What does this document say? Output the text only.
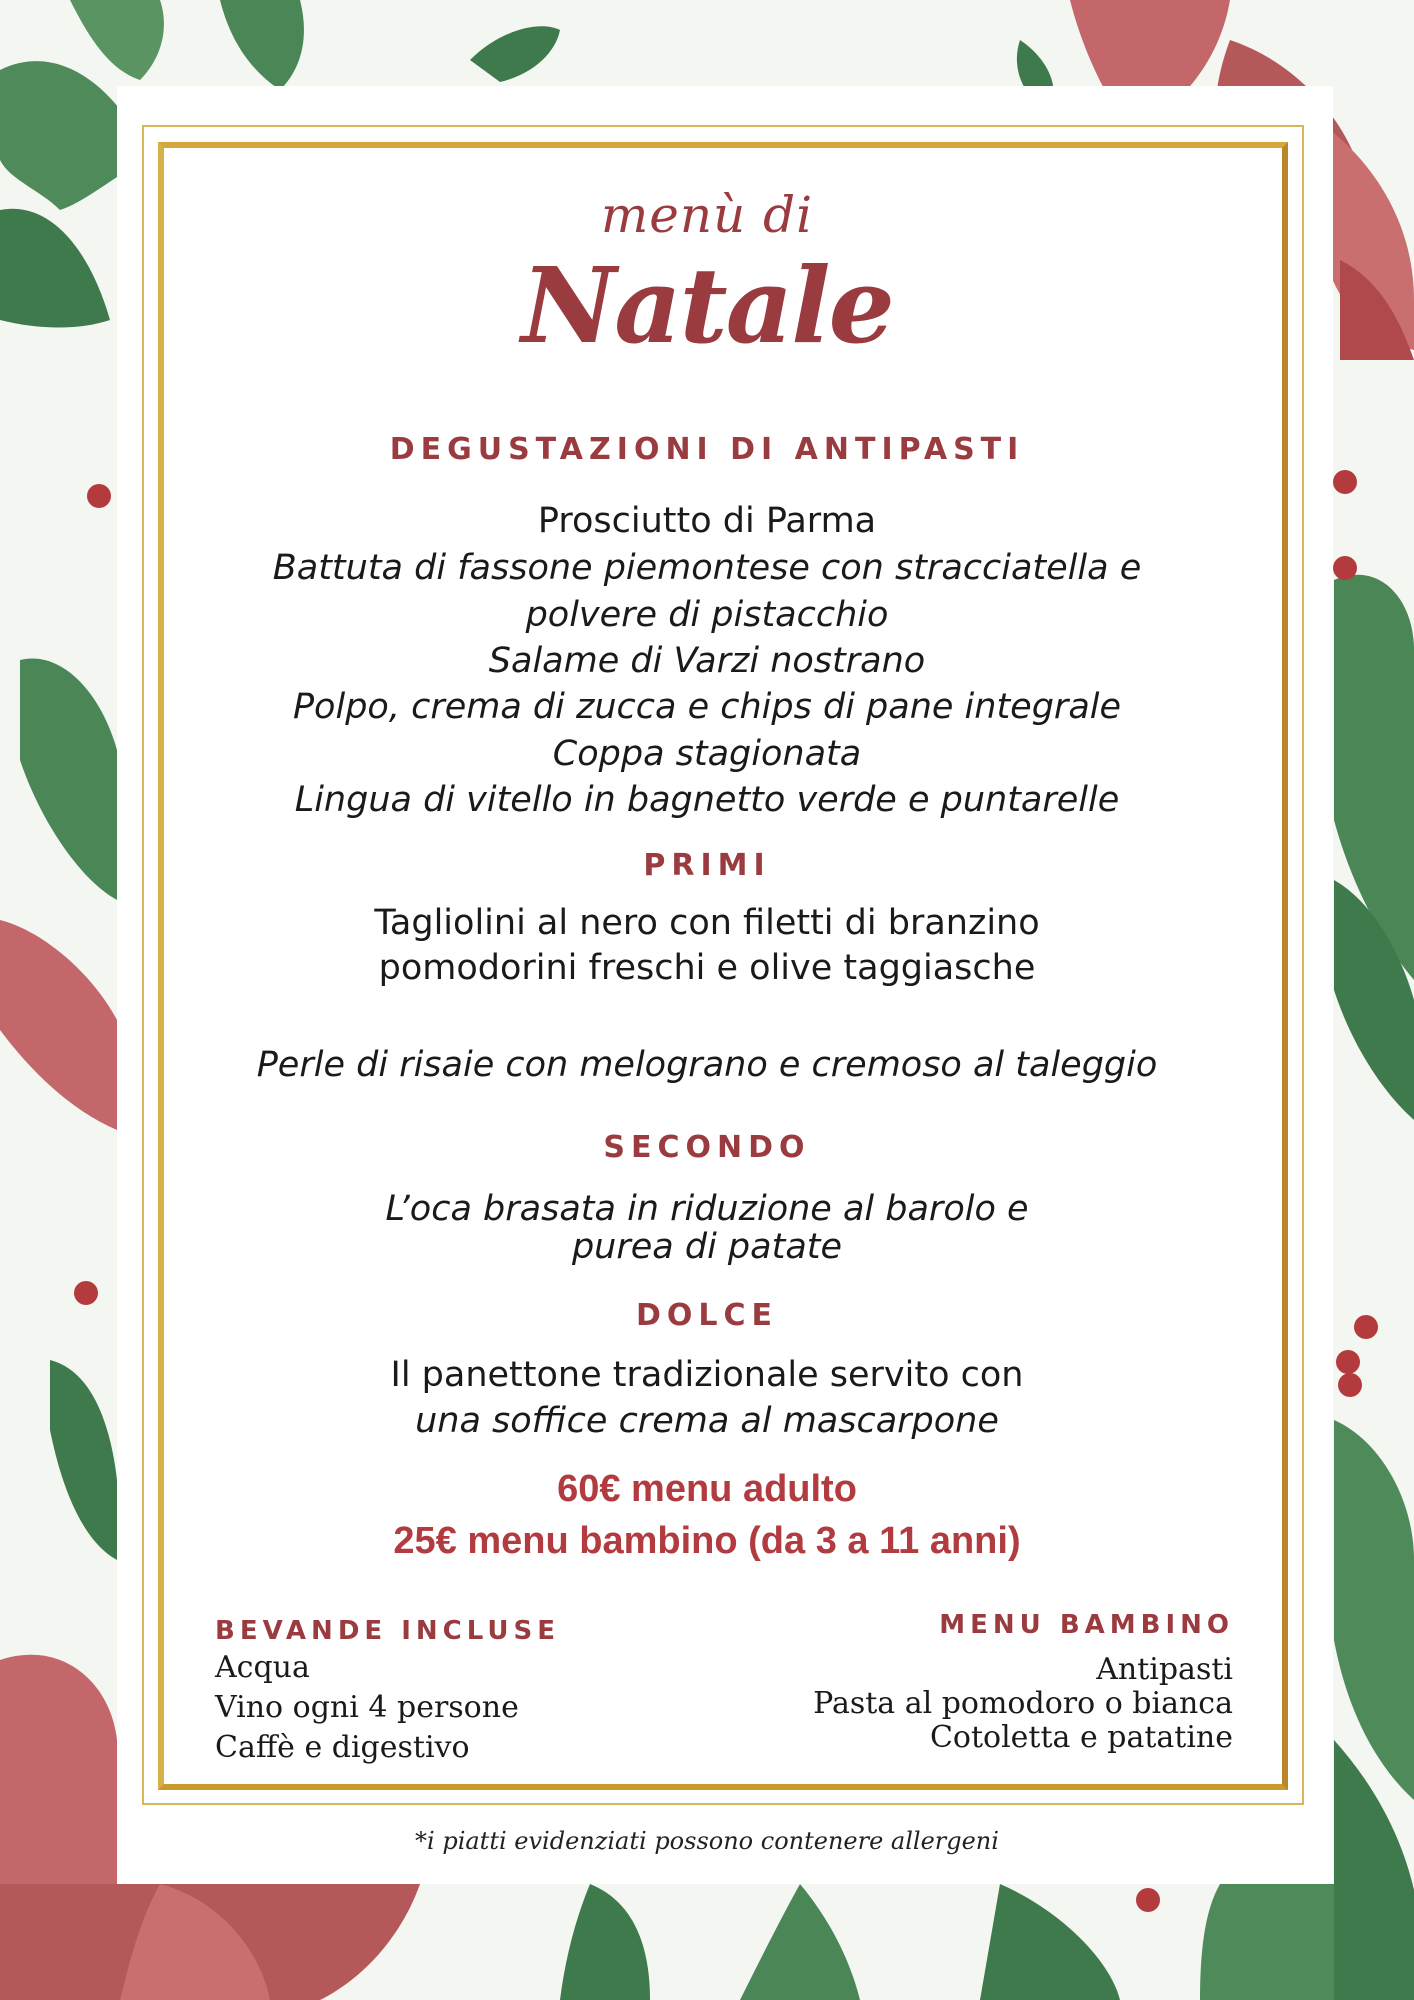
menù di
Natale
DEGUSTAZIONI DI ANTIPASTI
Prosciutto di Parma
Battuta di fassone piemontese con stracciatella e
polvere di pistacchio
Salame di Varzi nostrano
Polpo, crema di zucca e chips di pane integrale
Coppa stagionata
Lingua di vitello in bagnetto verde e puntarelle
PRIMI
Tagliolini al nero con filetti di branzino
pomodorini freschi e olive taggiasche
Perle di risaie con melograno e cremoso al taleggio
SECONDO
L’oca brasata in riduzione al barolo e
purea di patate
DOLCE
Il panettone tradizionale servito con
una soffice crema al mascarpone
60€ menu adulto
25€ menu bambino (da 3 a 11 anni)
BEVANDE INCLUSE
Acqua
Vino ogni 4 persone
Caffè e digestivo
MENU BAMBINO
Antipasti
Pasta al pomodoro o bianca
Cotoletta e patatine
*i piatti evidenziati possono contenere allergeni
